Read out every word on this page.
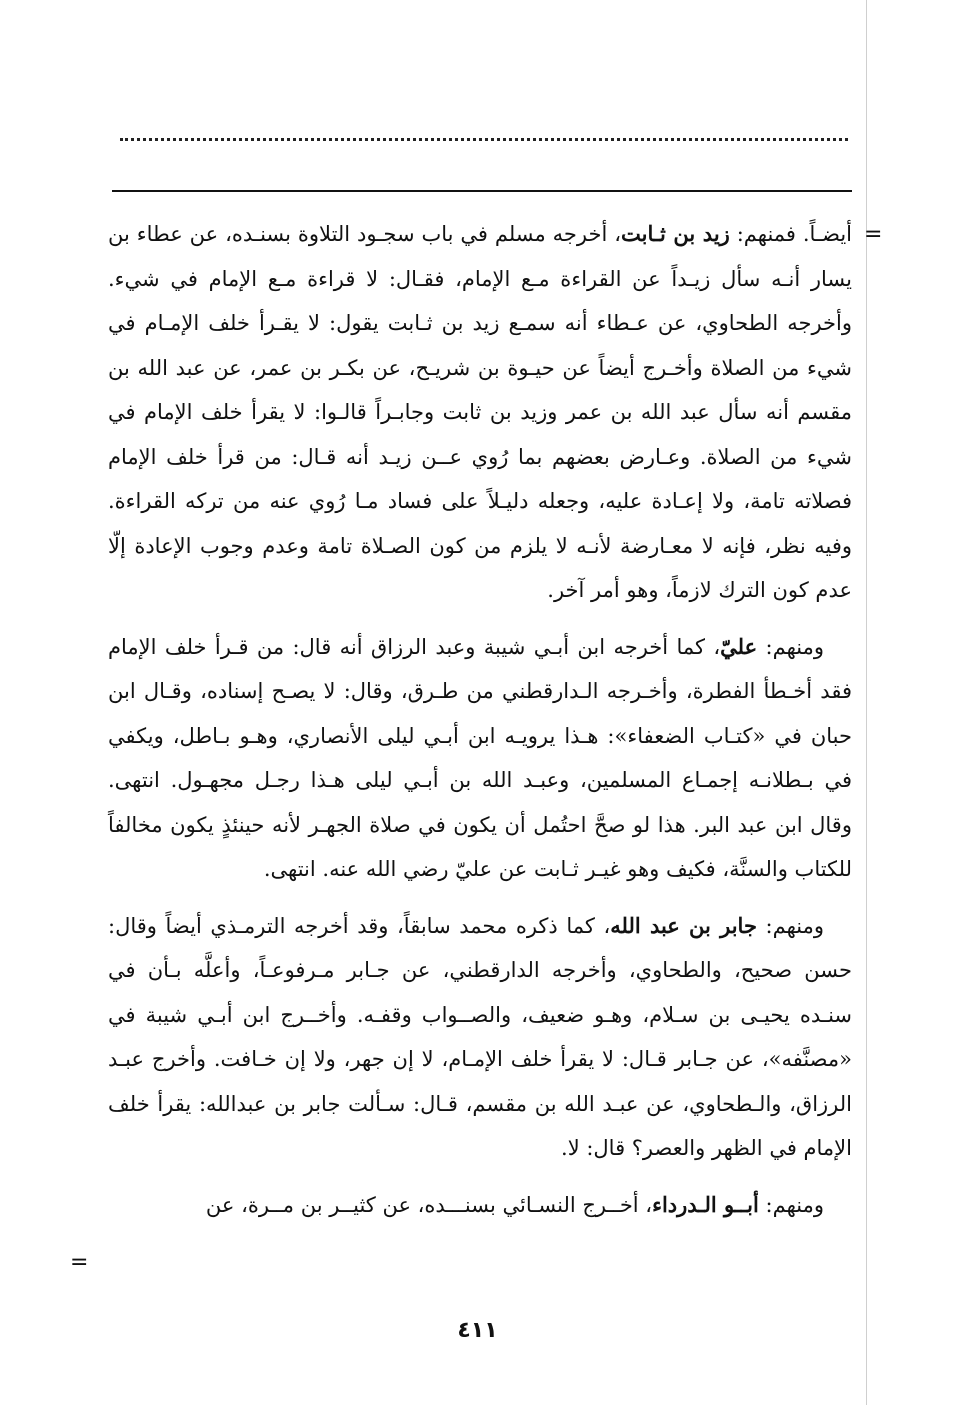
=

أيضـاً. فمنهم: زيد بن ثـابت، أخرجه مسلم في باب سجـود التلاوة بسنـده، عن عطاء بن يسار أنـه سأل زيـداً عن القراءة مـع الإمام، فقـال: لا قراءة مـع الإمام في شيء. وأخرجه الطحاوي، عن عـطاء أنه سمـع زيد بن ثـابت يقول: لا يقـرأ خلف الإمـام في شيء من الصلاة وأخـرج أيضاً عن حيـوة بن شريـح، عن بكـر بن عمر، عن عبد الله بن مقسم أنه سأل عبد الله بن عمر وزيد بن ثابت وجابـراً قالـوا: لا يقرأ خلف الإمام في شيء من الصلاة. وعـارض بعضهم بما رُوي عــن زيـد أنه قـال: من قرأ خلف الإمام فصلاته تامة، ولا إعـادة عليه، وجعله دليـلاً على فساد مـا رُوي عنه من تركه القراءة. وفيه نظر، فإنه لا معـارضة لأنـه لا يلزم من كون الصـلاة تامة وعدم وجوب الإعادة إلّا عدم كون الترك لازماً، وهو أمر آخر.

ومنهم: عليّ، كما أخرجه ابن أبـي شيبة وعبد الرزاق أنه قال: من قـرأ خلف الإمام فقد أخـطأ الفطرة، وأخـرجه الـدارقطني من طـرق، وقال: لا يصـح إسناده، وقـال ابن حبان في «كتـاب الضعفاء»: هـذا يرويـه ابن أبـي ليلى الأنصاري، وهـو بـاطل، ويكفي في بـطلانـه إجمـاع المسلمين، وعبـد الله بن أبـي ليلى هـذا رجـل مجهـول. انتهى. وقال ابن عبد البر. هذا لو صحَّ احتُمل أن يكون في صلاة الجهـر لأنه حينئذٍ يكون مخالفاً للكتاب والسنَّة، فكيف وهو غيـر ثـابت عن عليّ رضي الله عنه. انتهى.

ومنهم: جابر بن عبد الله، كما ذكره محمد سابقاً، وقد أخرجه الترمـذي أيضاً وقال: حسن صحيح، والطحاوي، وأخرجه الدارقطني، عن جـابر مـرفوعـاً، وأعلَّه بـأن في سنـده يحيـى بن سـلام، وهـو ضعيف، والصــواب وقفـه. وأخــرج ابن أبـي شيبة في «مصنَّفه»، عن جـابر قـال: لا يقرأ خلف الإمـام، لا إن جهر، ولا إن خـافت. وأخرج عبـد الرزاق، والـطحاوي، عن عبـد الله بن مقسم، قـال: سـألت جابر بن عبدالله: يقرأ خلف الإمام في الظهر والعصر؟ قال: لا.

ومنهم: أبــو الـدرداء، أخــرج النسـائي بسنـــده، عن كثيــر بن مــرة، عن

=
٤١١
